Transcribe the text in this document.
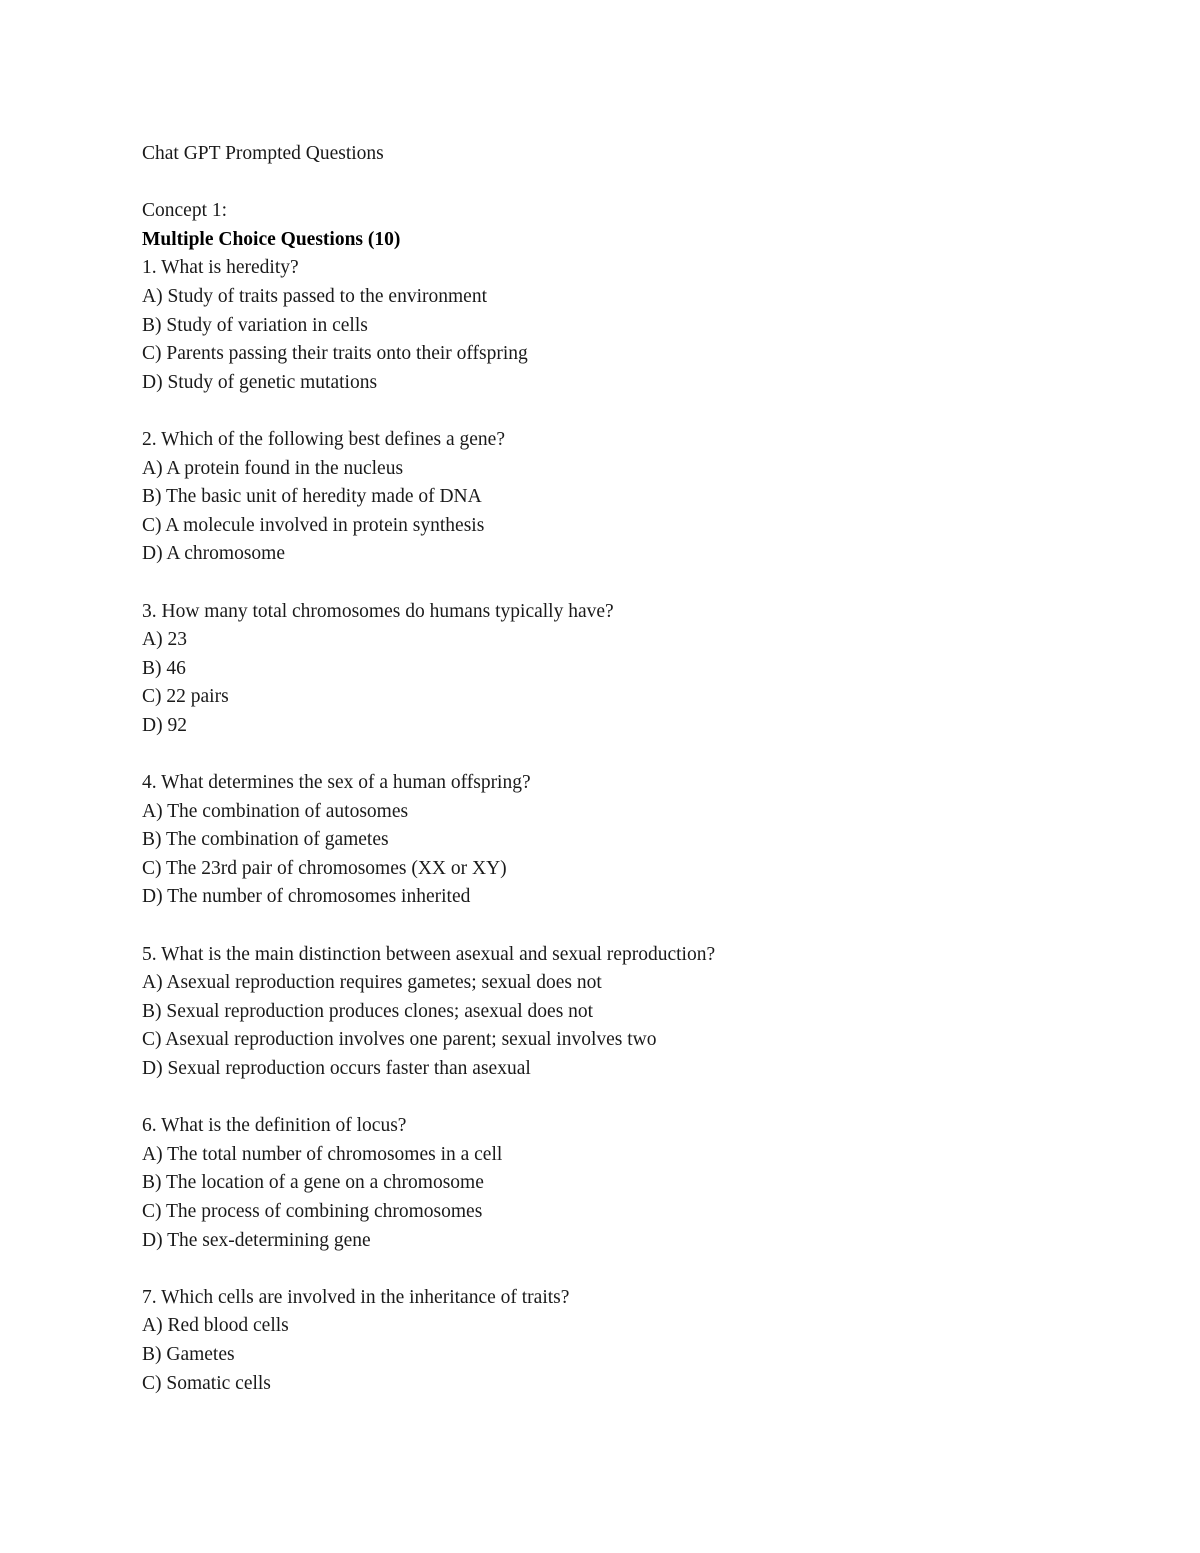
Chat GPT Prompted Questions
Concept 1:
Multiple Choice Questions (10)
1. What is heredity?
A) Study of traits passed to the environment
B) Study of variation in cells
C) Parents passing their traits onto their offspring
D) Study of genetic mutations
2. Which of the following best defines a gene?
A) A protein found in the nucleus
B) The basic unit of heredity made of DNA
C) A molecule involved in protein synthesis
D) A chromosome
3. How many total chromosomes do humans typically have?
A) 23
B) 46
C) 22 pairs
D) 92
4. What determines the sex of a human offspring?
A) The combination of autosomes
B) The combination of gametes
C) The 23rd pair of chromosomes (XX or XY)
D) The number of chromosomes inherited
5. What is the main distinction between asexual and sexual reproduction?
A) Asexual reproduction requires gametes; sexual does not
B) Sexual reproduction produces clones; asexual does not
C) Asexual reproduction involves one parent; sexual involves two
D) Sexual reproduction occurs faster than asexual
6. What is the definition of locus?
A) The total number of chromosomes in a cell
B) The location of a gene on a chromosome
C) The process of combining chromosomes
D) The sex-determining gene
7. Which cells are involved in the inheritance of traits?
A) Red blood cells
B) Gametes
C) Somatic cells
